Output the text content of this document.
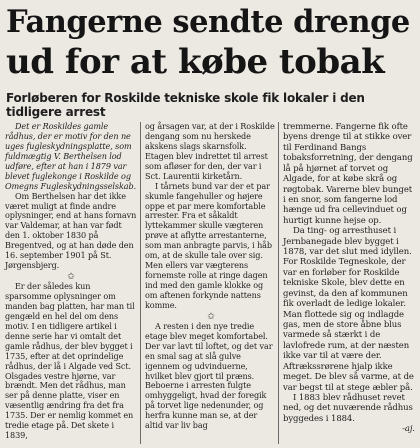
Fangerne sendte drenge
ud for at købe tobak
Forløberen for Roskilde tekniske skole fik lokaler i den tidligere arrest

Det er Roskildes gamle rådhus, der er motiv for den ne uges fugleskydningsplatte, som fuldmægtig V. Berthelsen lod udføre, efter at han i 1879 var blevet fuglekonge i Roskilde og Omegns Fugleskydningsselskab.

Om Berthelsen har det ikke været muligt at finde andre oplysninger, end at hans fornavn var Valdemar, at han var født den 1. oktober 1830 på Bregentved, og at han døde den 16. september 1901 på St. Jørgensbjerg.

✩

Er der således kun sparsomme oplysninger om manden bag platten, har man til gengæld en hel del om dens motiv. I en tidligere artikel i denne serie har vi omtalt det gamle rådhus, der blev bygget i 1735, efter at det oprindelige rådhus, der lå i Algade ved Sct. Olsgades vestre hjørne, var brændt. Men det rådhus, man ser på denne platte, viser en væsentlig ændring fra det fra 1735. Der er nemlig kommet en tredie etage på. Det skete i 1839,

og årsagen var, at der i Roskilde dengang som nu herskede akskens slags skarnsfolk. Etagen blev indrettet til arrest som afløser for den, der var i Sct. Laurentii kirketårn.

I tårnets bund var der et par skumle fangehuller og højere oppe et par mere komfortable arrester. Fra et såkaldt lyttekammer skulle vægteren prøve at aflytte arrestanterne, som man anbragte parvis, i håb om, at de skulle tale over sig. Men ellers var vægterens fornemste rolle at ringe dagen ind med den gamle klokke og om aftenen forkynde nattens komme.

✩

A resten i den nye tredie etage blev meget komfortabel. Der var lavt til loftet, og det var en smal sag at slå gulve igennem og udvinduerne, hvilket blev gjort til præns. Beboerne i arresten fulgte omhyggeligt, hvad der foregik på torvet lige nedenunder, og herfra kunne man se, at der altid var liv bag

tremmerne. Fangerne fik ofte byens drenge til at stikke over til Ferdinand Bangs tobaksforretning, der dengang lå på hjørnet af torvet og Algade, for at købe skrå og røgtobak. Varerne blev bunget i en snor, som fangerne lod hænge ud fra cellevinduet og hurtigt kunne hejse op.

Da ting- og arresthuset i Jernbanegade blev bygget i 1878, var det slut med idyllen. For Roskilde Tegneskole, der var en forløber for Roskilde tekniske Skole, blev dette en gevinst, da den af kommunen fik overladt de ledige lokaler. Man flottede sig og indlagde gas, men de store åbne blus varmede så stærkt i de lavlofrede rum, at der næsten ikke var til at være der. Aftrækssrørene hjalp ikke meget. De blev så varme, at de var begst til at stege æbler på.

I 1883 blev rådhuset revet ned, og det nuværende rådhus byggedes i 1884.

-aj.
